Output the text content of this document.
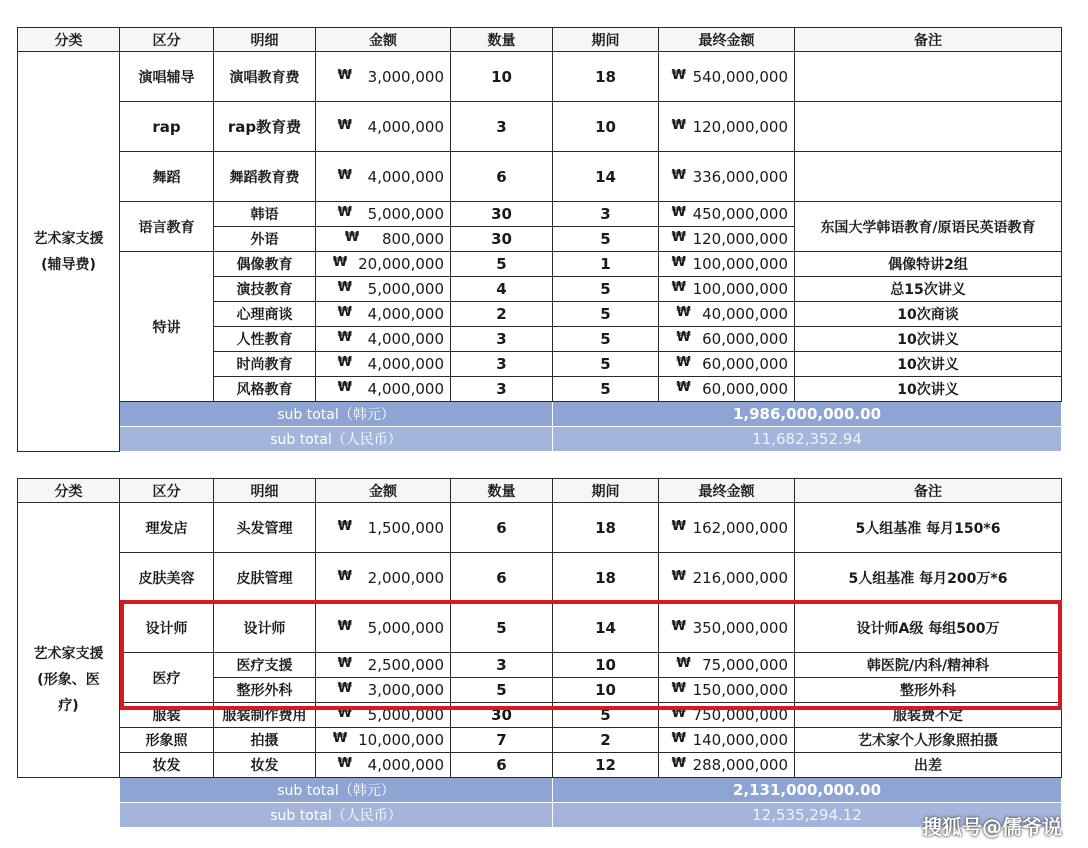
分类	区分	明细	金额	数量	期间	最终金额	备注
艺术家支援
(辅导费)	演唱辅导	演唱教育费	₩ 3,000,000	10	18	₩ 540,000,000	

	rap	rap教育费	₩ 4,000,000	3	10	₩ 120,000,000	

	舞蹈	舞蹈教育费	₩ 4,000,000	6	14	₩ 336,000,000	

	语言教育	韩语	₩ 5,000,000	30	3	₩ 450,000,000	东国大学韩语教育/原语民英语教育
		外语	₩ 800,000	30	5	₩ 120,000,000	

	特讲	偶像教育	₩ 20,000,000	5	1	₩ 100,000,000	偶像特讲2组
		演技教育	₩ 5,000,000	4	5	₩ 100,000,000	总15次讲义
		心理商谈	₩ 4,000,000	2	5	₩ 40,000,000	10次商谈
		人性教育	₩ 4,000,000	3	5	₩ 60,000,000	10次讲义
		时尚教育	₩ 4,000,000	3	5	₩ 60,000,000	10次讲义
		风格教育	₩ 4,000,000	3	5	₩ 60,000,000	10次讲义
	sub total（韩元）				1,986,000,000.00		
	sub total（人民币）				11,682,352.94		
分类	区分	明细	金额	数量	期间	最终金额	备注
艺术家支援
(形象、医
疗)	理发店	头发管理	₩ 1,500,000	6	18	₩ 162,000,000	5人组基准 每月150*6
	皮肤美容	皮肤管理	₩ 2,000,000	6	18	₩ 216,000,000	5人组基准 每月200万*6
	设计师	设计师	₩ 5,000,000	5	14	₩ 350,000,000	设计师A级 每组500万
	医疗	医疗支援	₩ 2,500,000	3	10	₩ 75,000,000	韩医院/内科/精神科
		整形外科	₩ 3,000,000	5	10	₩ 150,000,000	整形外科
	服装	服装制作费用	₩ 5,000,000	30	5	₩ 750,000,000	服装费不定
	形象照	拍摄	₩ 10,000,000	7	2	₩ 140,000,000	艺术家个人形象照拍摄
	妆发	妆发	₩ 4,000,000	6	12	₩ 288,000,000	出差
	sub total（韩元）				2,131,000,000.00		
	sub total（人民币）				12,535,294.12			搜狐号@儒爷说
